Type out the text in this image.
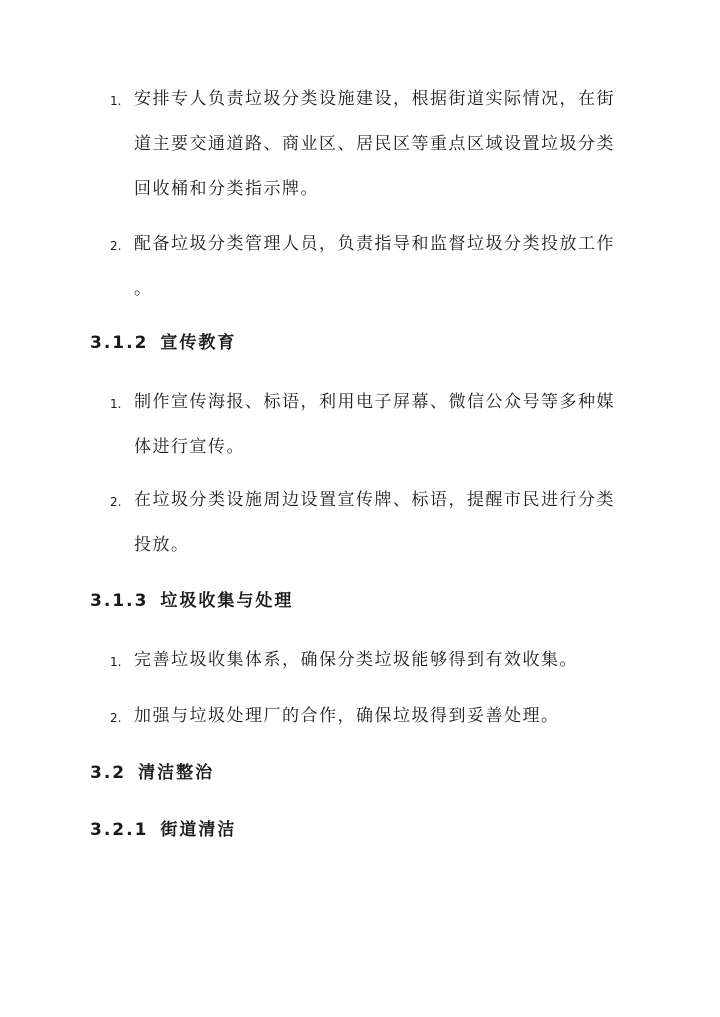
1. 安排专人负责垃圾分类设施建设，根据街道实际情况，在街
道主要交通道路、商业区、居民区等重点区域设置垃圾分类
回收桶和分类指示牌。
2. 配备垃圾分类管理人员，负责指导和监督垃圾分类投放工作
。
3.1.2 宣传教育
1. 制作宣传海报、标语，利用电子屏幕、微信公众号等多种媒
体进行宣传。
2. 在垃圾分类设施周边设置宣传牌、标语，提醒市民进行分类
投放。
3.1.3 垃圾收集与处理
1. 完善垃圾收集体系，确保分类垃圾能够得到有效收集。
2. 加强与垃圾处理厂的合作，确保垃圾得到妥善处理。
3.2 清洁整治
3.2.1 街道清洁
